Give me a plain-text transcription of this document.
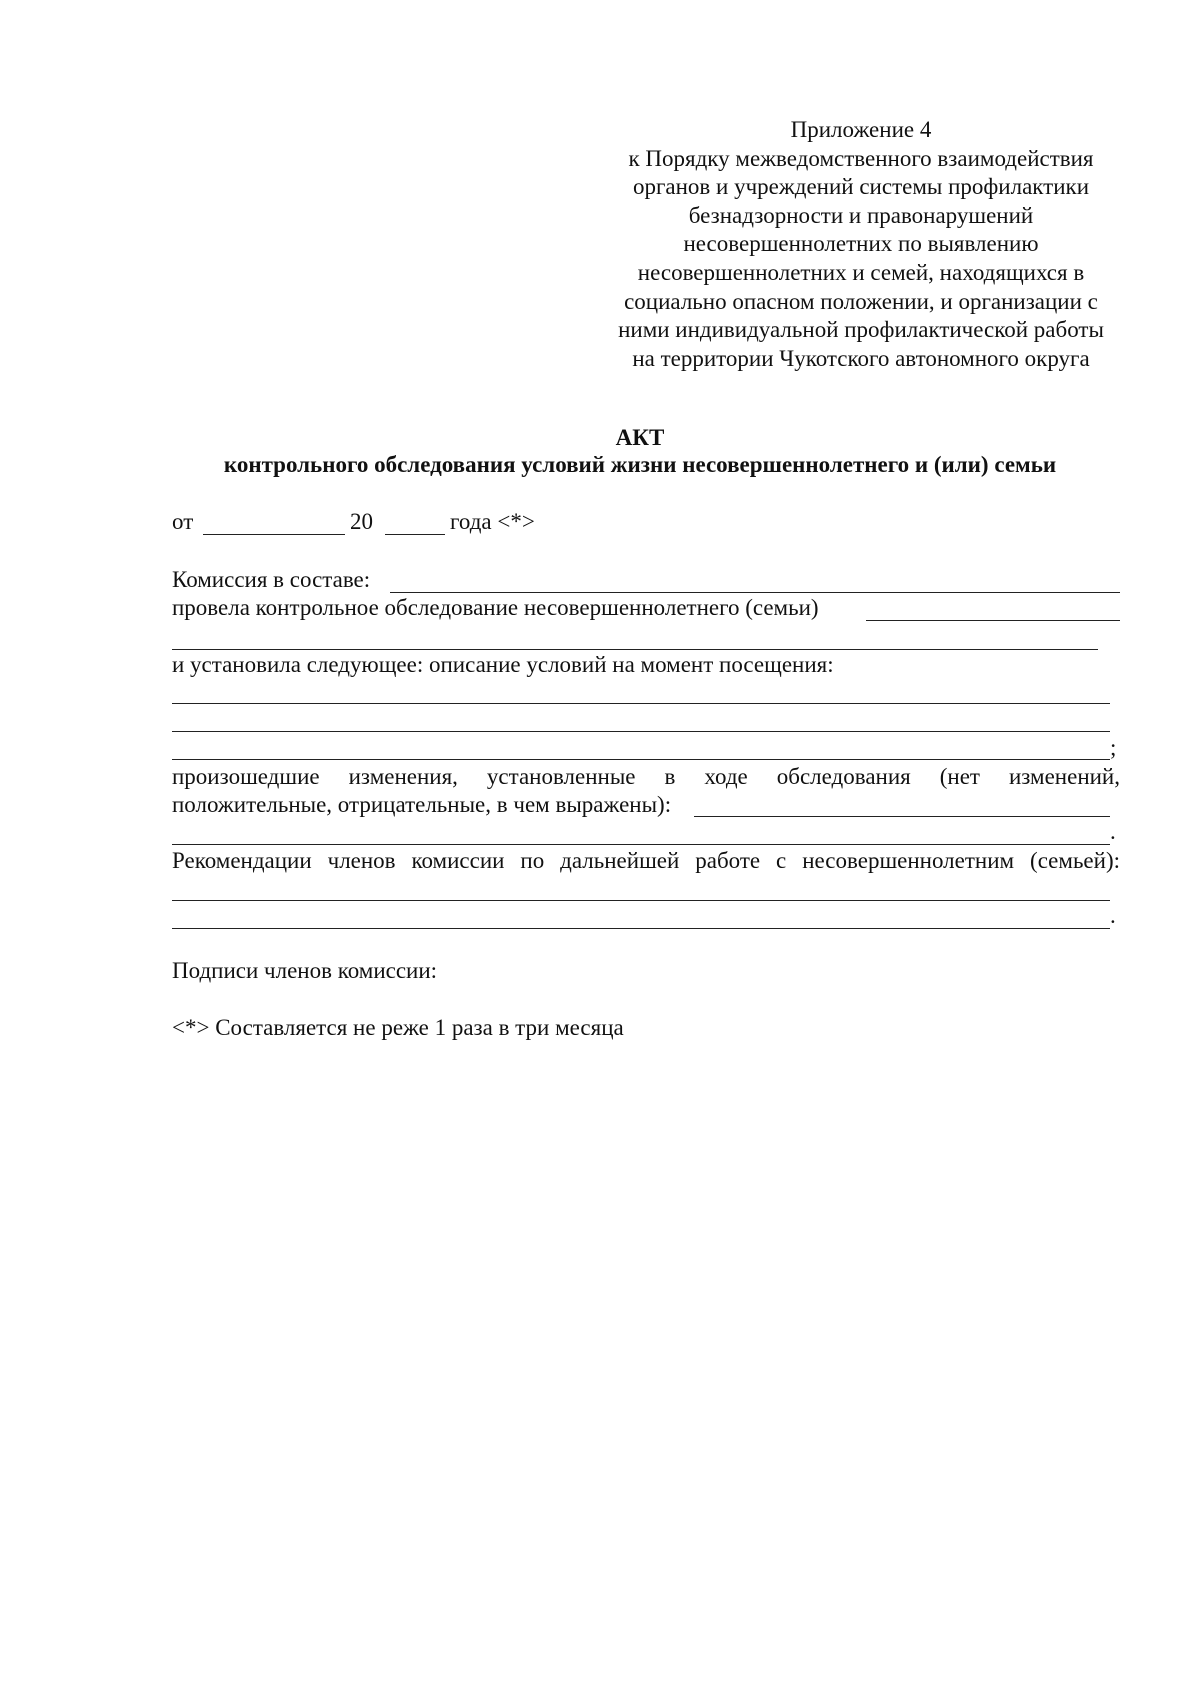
Приложение 4
к Порядку межведомственного взаимодействия
органов и учреждений системы профилактики
безнадзорности и правонарушений
несовершеннолетних по выявлению
несовершеннолетних и семей, находящихся в
социально опасном положении, и организации с
ними индивидуальной профилактической работы
на территории Чукотского автономного округа
АКТ
контрольного обследования условий жизни несовершеннолетнего и (или) семьи
от	20	года <*>
Комиссия в составе:
провела контрольное обследование несовершеннолетнего (семьи)
и установила следующее: описание условий на момент посещения:
;
произошедшие изменения, установленные в ходе обследования (нет изменений,
положительные, отрицательные, в чем выражены):
.
Рекомендации членов комиссии по дальнейшей работе с несовершеннолетним (семьей):
.
Подписи членов комиссии:
<*> Составляется не реже 1 раза в три месяца
